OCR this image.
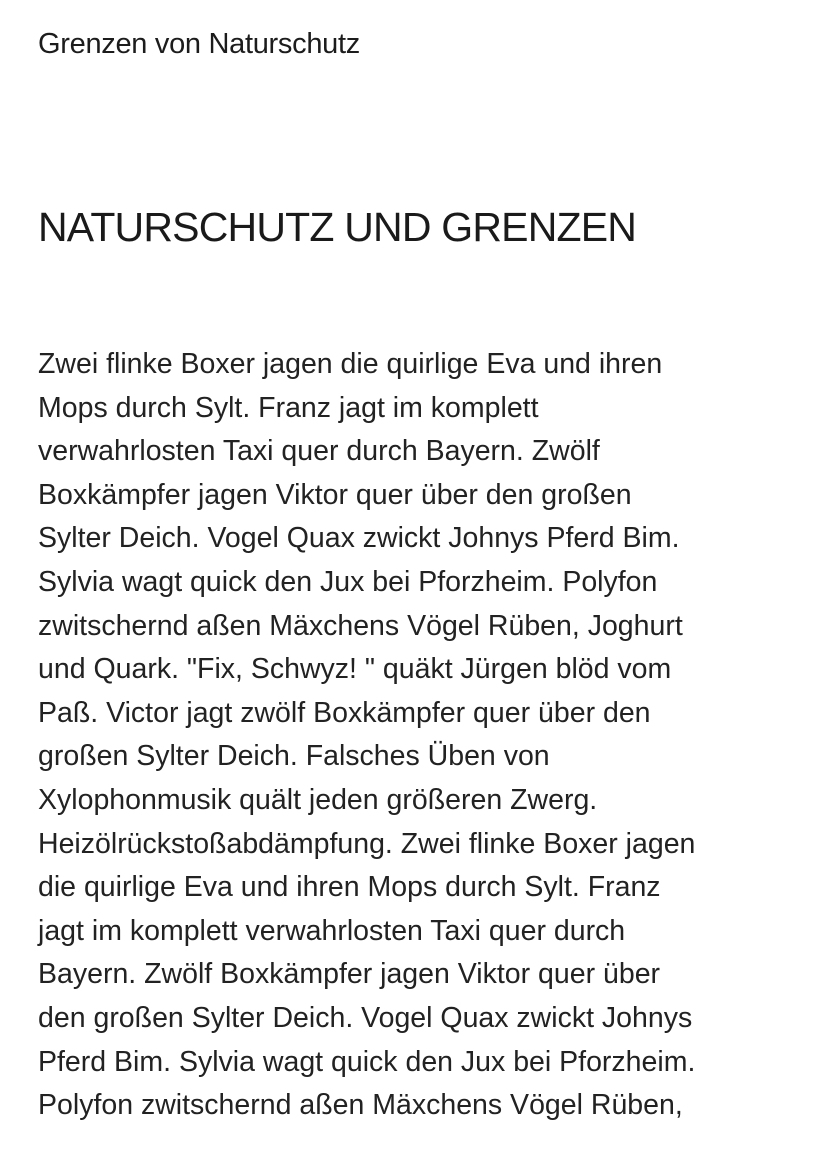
Grenzen von Naturschutz
NATURSCHUTZ UND GRENZEN

Zwei flinke Boxer jagen die quirlige Eva und ihren
Mops durch Sylt. Franz jagt im komplett
verwahrlosten Taxi quer durch Bayern. Zwölf
Boxkämpfer jagen Viktor quer über den großen
Sylter Deich. Vogel Quax zwickt Johnys Pferd Bim.
Sylvia wagt quick den Jux bei Pforzheim. Polyfon
zwitschernd aßen Mäxchens Vögel Rüben, Joghurt
und Quark. "Fix, Schwyz! " quäkt Jürgen blöd vom
Paß. Victor jagt zwölf Boxkämpfer quer über den
großen Sylter Deich. Falsches Üben von
Xylophonmusik quält jeden größeren Zwerg.
Heizölrückstoßabdämpfung. Zwei flinke Boxer jagen
die quirlige Eva und ihren Mops durch Sylt. Franz
jagt im komplett verwahrlosten Taxi quer durch
Bayern. Zwölf Boxkämpfer jagen Viktor quer über
den großen Sylter Deich. Vogel Quax zwickt Johnys
Pferd Bim. Sylvia wagt quick den Jux bei Pforzheim.
Polyfon zwitschernd aßen Mäxchens Vögel Rüben,
